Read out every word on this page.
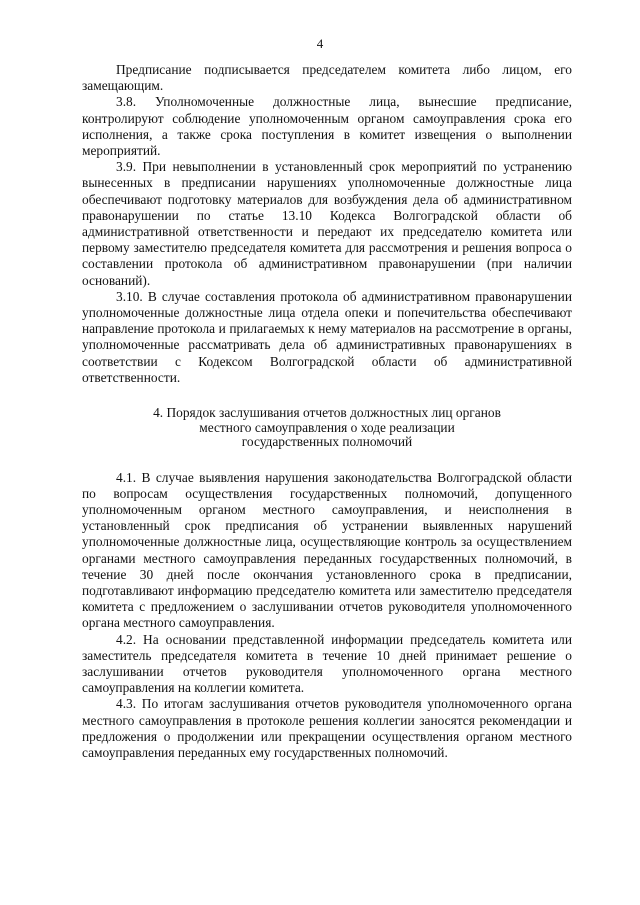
4

Предписание подписывается председателем комитета либо лицом, его замещающим.

3.8. Уполномоченные должностные лица, вынесшие предписание, контролируют соблюдение уполномоченным органом самоуправления срока его исполнения, а также срока поступления в комитет извещения о выполнении мероприятий.

3.9. При невыполнении в установленный срок мероприятий по устранению вынесенных в предписании нарушениях уполномоченные должностные лица обеспечивают подготовку материалов для возбуждения дела об административном правонарушении по статье 13.10 Кодекса Волгоградской области об административной ответственности и передают их председателю комитета или первому заместителю председателя комитета для рассмотрения и решения вопроса о составлении протокола об административном правонарушении (при наличии оснований).

3.10. В случае составления протокола об административном правонарушении уполномоченные должностные лица отдела опеки и попечительства обеспечивают направление протокола и прилагаемых к нему материалов на рассмотрение в органы, уполномоченные рассматривать дела об административных правонарушениях в соответствии с Кодексом Волгоградской области об административной ответственности.

4. Порядок заслушивания отчетов должностных лиц органов
местного самоуправления о ходе реализации
государственных полномочий

4.1. В случае выявления нарушения законодательства Волгоградской области по вопросам осуществления государственных полномочий, допущенного уполномоченным органом местного самоуправления, и неисполнения в установленный срок предписания об устранении выявленных нарушений уполномоченные должностные лица, осуществляющие контроль за осуществлением органами местного самоуправления переданных государственных полномочий, в течение 30 дней после окончания установленного срока в предписании, подготавливают информацию председателю комитета или заместителю председателя комитета с предложением о заслушивании отчетов руководителя уполномоченного органа местного самоуправления.

4.2. На основании представленной информации председатель комитета или заместитель председателя комитета в течение 10 дней принимает решение о заслушивании отчетов руководителя уполномоченного органа местного самоуправления на коллегии комитета.

4.3. По итогам заслушивания отчетов руководителя уполномоченного органа местного самоуправления в протоколе решения коллегии заносятся рекомендации и предложения о продолжении или прекращении осуществления органом местного самоуправления переданных ему государственных полномочий.
